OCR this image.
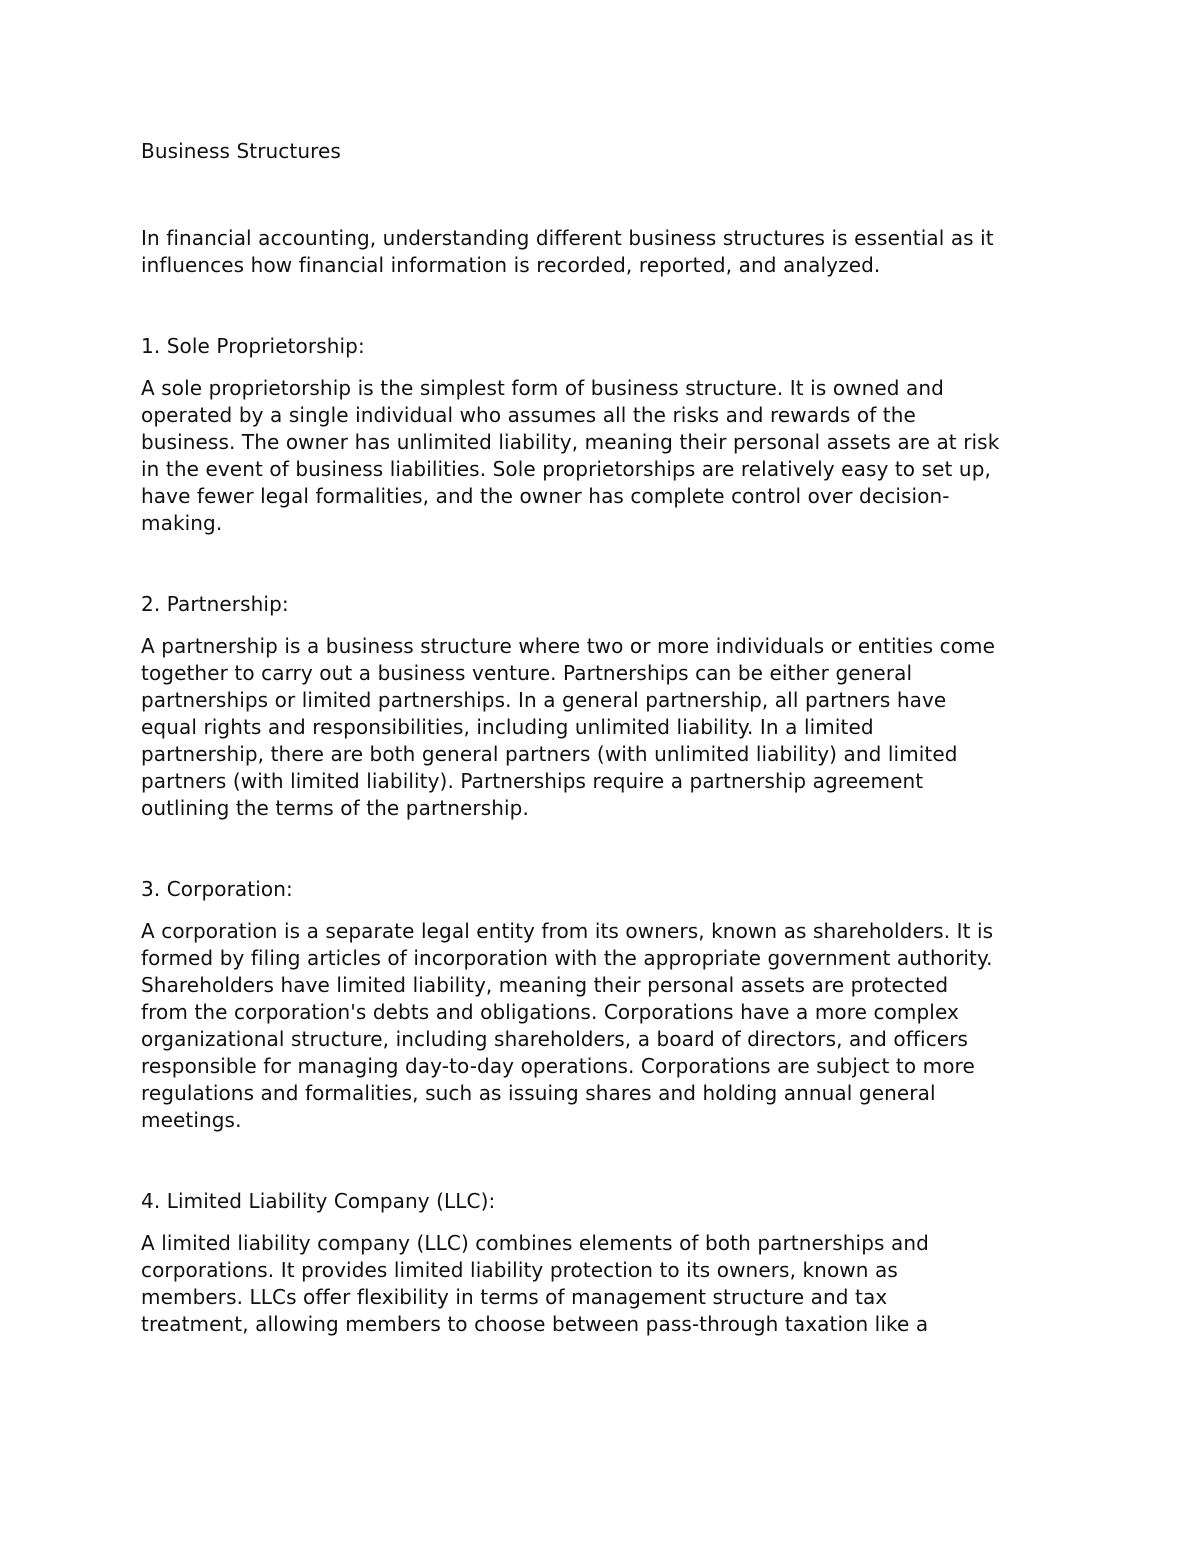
Business Structures

In financial accounting, understanding different business structures is essential as it
influences how financial information is recorded, reported, and analyzed.

1. Sole Proprietorship:

A sole proprietorship is the simplest form of business structure. It is owned and
operated by a single individual who assumes all the risks and rewards of the
business. The owner has unlimited liability, meaning their personal assets are at risk
in the event of business liabilities. Sole proprietorships are relatively easy to set up,
have fewer legal formalities, and the owner has complete control over decision-
making.

2. Partnership:

A partnership is a business structure where two or more individuals or entities come
together to carry out a business venture. Partnerships can be either general
partnerships or limited partnerships. In a general partnership, all partners have
equal rights and responsibilities, including unlimited liability. In a limited
partnership, there are both general partners (with unlimited liability) and limited
partners (with limited liability). Partnerships require a partnership agreement
outlining the terms of the partnership.

3. Corporation:

A corporation is a separate legal entity from its owners, known as shareholders. It is
formed by filing articles of incorporation with the appropriate government authority.
Shareholders have limited liability, meaning their personal assets are protected
from the corporation's debts and obligations. Corporations have a more complex
organizational structure, including shareholders, a board of directors, and officers
responsible for managing day-to-day operations. Corporations are subject to more
regulations and formalities, such as issuing shares and holding annual general
meetings.

4. Limited Liability Company (LLC):

A limited liability company (LLC) combines elements of both partnerships and
corporations. It provides limited liability protection to its owners, known as
members. LLCs offer flexibility in terms of management structure and tax
treatment, allowing members to choose between pass-through taxation like a
